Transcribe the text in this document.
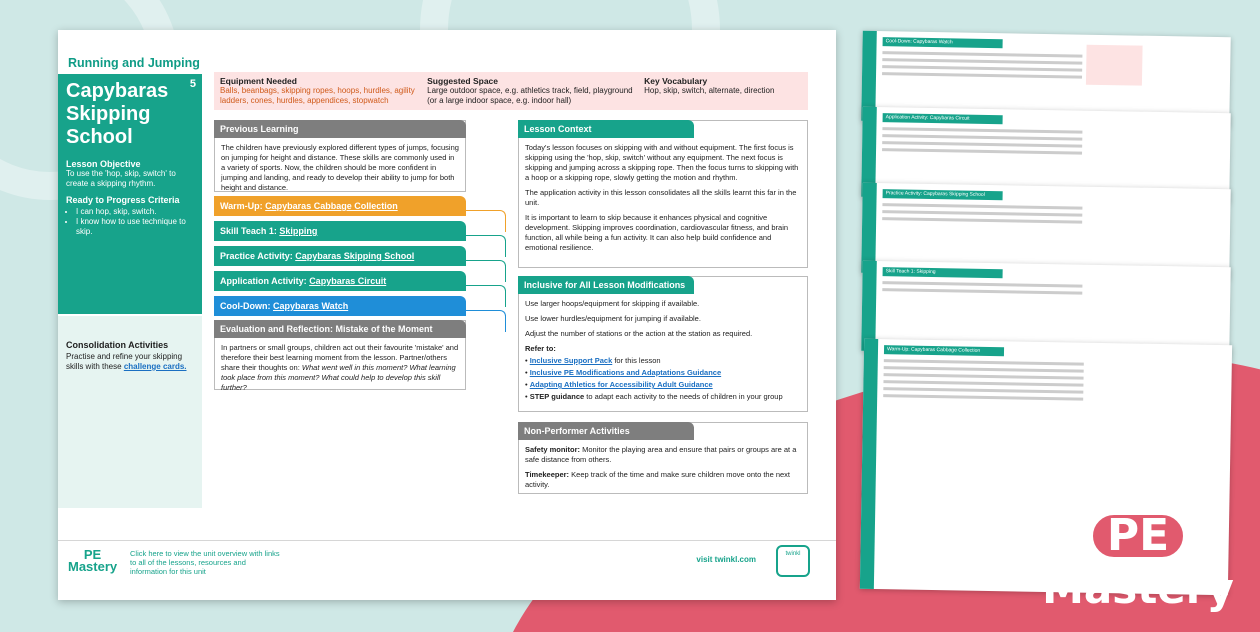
Running and Jumping
5
Capybaras Skipping School
Lesson Objective

To use the 'hop, skip, switch' to create a skipping rhythm.

Ready to Progress Criteria
• I can hop, skip, switch.
• I know how to use technique to skip.
Consolidation Activities

Practise and refine your skipping skills with these challenge cards.

Equipment Needed
Balls, beanbags, skipping ropes, hoops, hurdles, agility ladders, cones, hurdles, appendices, stopwatch
Suggested Space
Large outdoor space, e.g. athletics track, field, playground (or a large indoor space, e.g. indoor hall)
Key Vocabulary
Hop, skip, switch, alternate, direction
Previous Learning
The children have previously explored different types of jumps, focusing on jumping for height and distance. These skills are commonly used in a variety of sports. Now, the children should be more confident in jumping and landing, and ready to develop their ability to jump for both height and distance.
Warm-Up: Capybaras Cabbage Collection
Skill Teach 1: Skipping
Practice Activity: Capybaras Skipping School
Application Activity: Capybaras Circuit
Cool-Down: Capybaras Watch
Evaluation and Reflection: Mistake of the Moment
In partners or small groups, children act out their favourite 'mistake' and therefore their best learning moment from the lesson. Partner/others share their thoughts on: What went well in this moment? What learning took place from this moment? What could help to develop this skill further?
Lesson Context

Today's lesson focuses on skipping with and without equipment. The first focus is skipping using the 'hop, skip, switch' without any equipment. The next focus is skipping and jumping across a skipping rope. Then the focus turns to skipping with a hoop or a skipping rope, slowly getting the motion and rhythm.

The application activity in this lesson consolidates all the skills learnt this far in the unit.

It is important to learn to skip because it enhances physical and cognitive development. Skipping improves coordination, cardiovascular fitness, and brain function, all while being a fun activity. It can also help build confidence and emotional resilience.

Inclusive for All Lesson Modifications

Use larger hoops/equipment for skipping if available.

Use lower hurdles/equipment for jumping if available.

Adjust the number of stations or the action at the station as required.

Refer to:

• Inclusive Support Pack for this lesson
• Inclusive PE Modifications and Adaptations Guidance
• Adapting Athletics for Accessibility Adult Guidance
• STEP guidance to adapt each activity to the needs of children in your group
Non-Performer Activities

Safety monitor: Monitor the playing area and ensure that pairs or groups are at a safe distance from others.

Timekeeper: Keep track of the time and make sure children move onto the next activity.

PE
Mastery
Click here to view the unit overview with links to all of the lessons, resources and information for this unit
visit twinkl.com
twinkl
Cool-Down: Capybaras Watch
Application Activity: Capybaras Circuit
Practice Activity: Capybaras Skipping School
Skill Teach 1: Skipping
Warm-Up: Capybaras Cabbage Collection
PE
Mastery
